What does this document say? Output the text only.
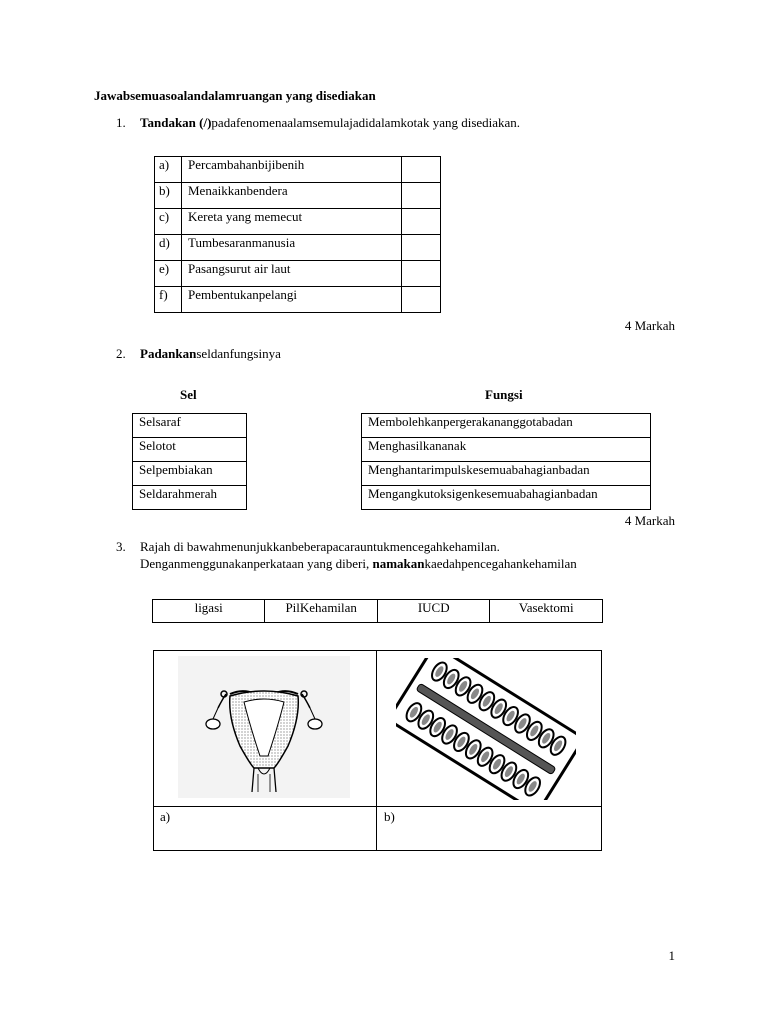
Jawabsemuasoalandalamruangan yang disediakan
1. Tandakan (/)padafenomenaalamsemulajadidalamkotak yang disediakan.
a)	Percambahanbijibenih	
b)	Menaikkanbendera	
c)	Kereta yang memecut	
d)	Tumbesaranmanusia	
e)	Pasangsurut air laut	
f)	Pembentukanpelangi	
4 Markah
2. Padankanseldanfungsinya
Sel	Fungsi
Selsaraf
Selotot
Selpembiakan
Seldarahmerah
Membolehkanpergerakananggotabadan
Menghasilkananak
Menghantarimpulskesemuabahagianbadan
Mengangkutoksigenkesemuabahagianbadan
4 Markah
3. Rajah di bawahmenunjukkanbeberapacarauntukmencegahkehamilan.
Denganmenggunakanperkataan yang diberi, namakankaedahpencegahankehamilan
ligasi	PilKehamilan	IUCD	Vasektomi
a)	b)
1
